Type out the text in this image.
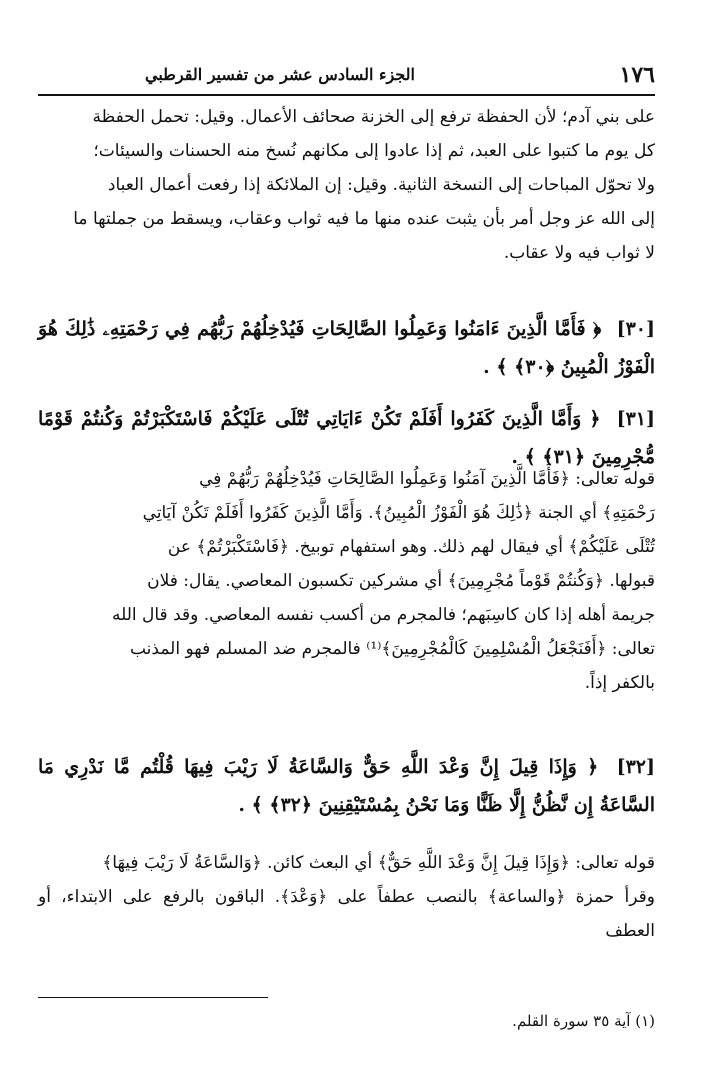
١٧٦
الجزء السادس عشر من تفسير القرطبي

على بني آدم؛ لأن الحفظة ترفع إلى الخزنة صحائف الأعمال. وقيل: تحمل الحفظة

كل يوم ما كتبوا على العبد، ثم إذا عادوا إلى مكانهم نُسخ منه الحسنات والسيئات؛

ولا تحوّل المباحات إلى النسخة الثانية. وقيل: إن الملائكة إذا رفعت أعمال العباد

إلى الله عز وجل أمر بأن يثبت عنده منها ما فيه ثواب وعقاب، ويسقط من جملتها ما

لا ثواب فيه ولا عقاب.

[٣٠] ﴿ فَأَمَّا الَّذِينَ ءَامَنُوا وَعَمِلُوا الصَّالِحَاتِ فَيُدْخِلُهُمْ رَبُّهُم فِي رَحْمَتِهِۦ ذَٰلِكَ هُوَ الْفَوْزُ الْمُبِينُ ﴿٣٠﴾ ﴾ .
[٣١] ﴿ وَأَمَّا الَّذِينَ كَفَرُوا أَفَلَمْ تَكُنْ ءَايَاتِي تُتْلَى عَلَيْكُمْ فَاسْتَكْبَرْتُمْ وَكُنتُمْ قَوْمًا مُّجْرِمِينَ ﴿٣١﴾ ﴾ .

قوله تعالى: ﴿فَأَمَّا الَّذِينَ آمَنُوا وَعَمِلُوا الصَّالِحَاتِ فَيُدْخِلُهُمْ رَبُّهُمْ فِي

رَحْمَتِهِ﴾ أي الجنة ﴿ذَٰلِكَ هُوَ الْفَوْزُ الْمُبِينُ﴾. وَأَمَّا الَّذِينَ كَفَرُوا أَفَلَمْ تَكُنْ آيَاتِي

تُتْلَى عَلَيْكُمْ﴾ أي فيقال لهم ذلك. وهو استفهام توبيخ. ﴿فَاسْتَكْبَرْتُمْ﴾ عن

قبولها. ﴿وَكُنتُمْ قَوْماً مُجْرِمِينَ﴾ أي مشركين تكسبون المعاصي. يقال: فلان

جريمة أهله إذا كان كاسِبَهم؛ فالمجرم من أكسب نفسه المعاصي. وقد قال الله

تعالى: ﴿أَفَنَجْعَلُ الْمُسْلِمِينَ كَالْمُجْرِمِينَ﴾⁽¹⁾ فالمجرم ضد المسلم فهو المذنب

بالكفر إذاً.

[٣٢] ﴿ وَإِذَا قِيلَ إِنَّ وَعْدَ اللَّهِ حَقٌّ وَالسَّاعَةُ لَا رَيْبَ فِيهَا قُلْتُم مَّا نَدْرِي مَا السَّاعَةُ إِن نَّظُنُّ إِلَّا ظَنًّا وَمَا نَحْنُ بِمُسْتَيْقِنِينَ ﴿٣٢﴾ ﴾ .

قوله تعالى: ﴿وَإِذَا قِيلَ إِنَّ وَعْدَ اللَّهِ حَقٌّ﴾ أي البعث كائن. ﴿وَالسَّاعَةُ لَا رَيْبَ فِيهَا﴾

وقرأ حمزة ﴿والساعة﴾ بالنصب عطفاً على ﴿وَعْدَ﴾. الباقون بالرفع على الابتداء، أو العطف

(١) آية ٣٥ سورة القلم.
